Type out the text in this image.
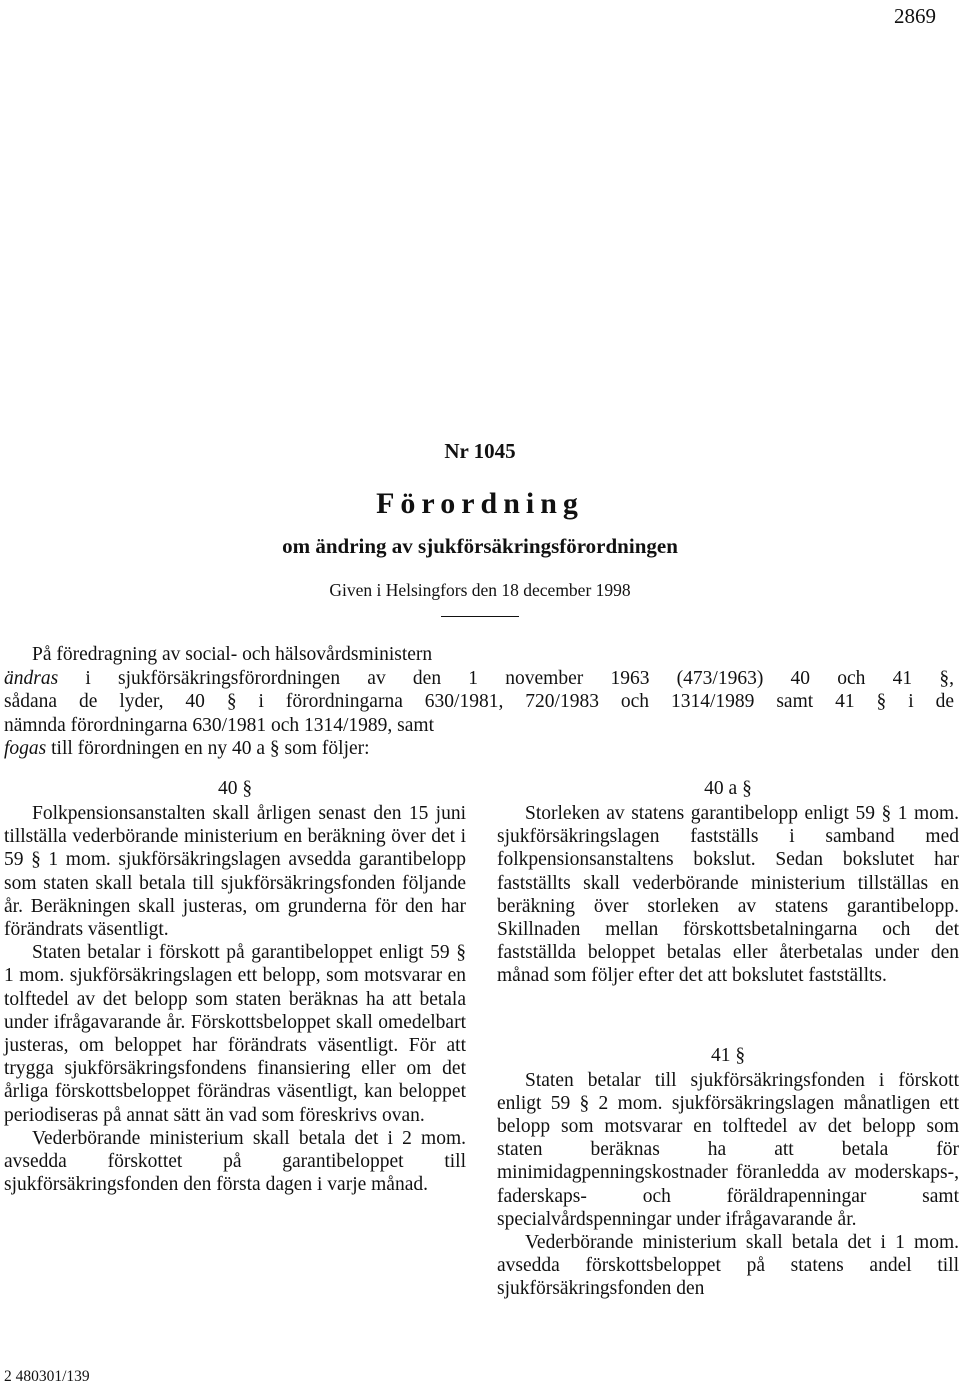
2869
Nr 1045
Förordning
om ändring av sjukförsäkringsförordningen
Given i Helsingfors den 18 december 1998
På föredragning av social- och hälsovårdsministern
ändras i sjukförsäkringsförordningen av den 1 november 1963 (473/1963) 40 och 41 §,
sådana de lyder, 40 § i förordningarna 630/1981, 720/1983 och 1314/1989 samt 41 § i de
nämnda förordningarna 630/1981 och 1314/1989, samt
fogas till förordningen en ny 40 a § som följer:
40 §

Folkpensionsanstalten skall årligen senast den 15 juni tillställa vederbörande ministerium en beräkning över det i 59 § 1 mom. sjukförsäkringslagen avsedda garantibelopp som staten skall betala till sjukförsäkringsfonden följande år. Beräkningen skall justeras, om grunderna för den har förändrats väsentligt.

Staten betalar i förskott på garantibeloppet enligt 59 § 1 mom. sjukförsäkringslagen ett belopp, som motsvarar en tolftedel av det belopp som staten beräknas ha att betala under ifrågavarande år. Förskottsbeloppet skall omedelbart justeras, om beloppet har förändrats väsentligt. För att trygga sjukförsäkringsfondens finansiering eller om det årliga förskottsbeloppet förändras väsentligt, kan beloppet periodiseras på annat sätt än vad som föreskrivs ovan.

Vederbörande ministerium skall betala det i 2 mom. avsedda förskottet på garantibeloppet till sjukförsäkringsfonden den första dagen i varje månad.

40 a §

Storleken av statens garantibelopp enligt 59 § 1 mom. sjukförsäkringslagen fastställs i samband med folkpensionsanstaltens bokslut. Sedan bokslutet har fastställts skall vederbörande ministerium tillställas en beräkning över storleken av statens garantibelopp. Skillnaden mellan förskottsbetalningarna och det fastställda beloppet betalas eller återbetalas under den månad som följer efter det att bokslutet fastställts.

41 §

Staten betalar till sjukförsäkringsfonden i förskott enligt 59 § 2 mom. sjukförsäkringslagen månatligen ett belopp som motsvarar en tolftedel av det belopp som staten beräknas ha att betala för minimidagpenningskostnader föranledda av moderskaps-, faderskaps- och föräldrapenningar samt specialvårdspenningar under ifrågavarande år.

Vederbörande ministerium skall betala det i 1 mom. avsedda förskottsbeloppet på statens andel till sjukförsäkringsfonden den

2 480301/139
